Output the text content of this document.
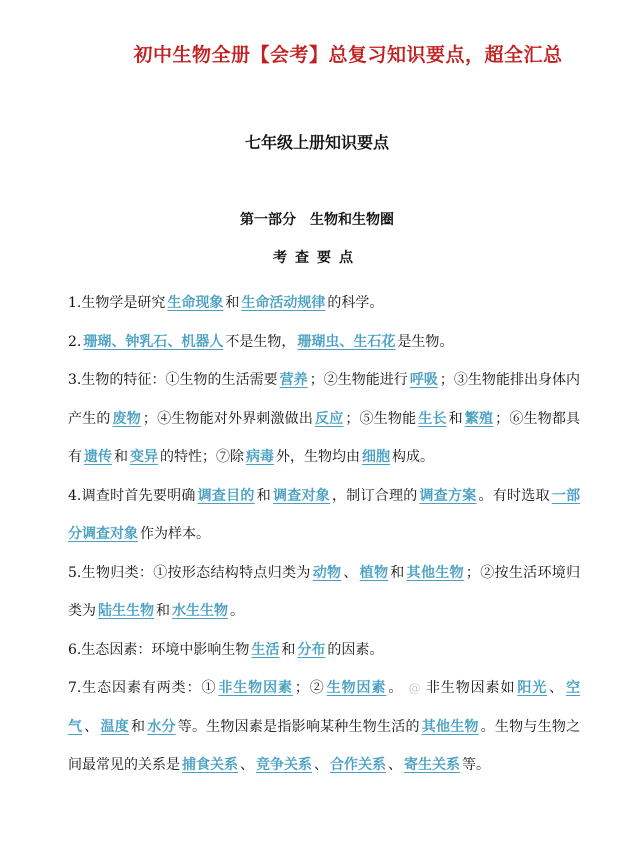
初中生物全册【会考】总复习知识要点，超全汇总
七年级上册知识要点
第一部分　生物和生物圈
考查要点

1.生物学是研究 生命现象 和 生命活动规律 的科学。

2. 珊瑚、钟乳石、机器人 不是生物， 珊瑚虫、生石花 是生物。

3.生物的特征：①生物的生活需要 营养 ；②生物能进行 呼吸 ；③生物能排出身体内产生的 废物 ；④生物能对外界刺激做出 反应 ；⑤生物能 生长 和 繁殖 ；⑥生物都具有 遗传 和 变异 的特性；⑦除 病毒 外，生物均由 细胞 构成。

4.调查时首先要明确 调查目的 和 调查对象 ，制订合理的 调查方案 。有时选取 一部分调查对象 作为样本。

5.生物归类：①按形态结构特点归类为 动物 、 植物 和 其他生物 ；②按生活环境归类为 陆生生物 和 水生生物 。

6.生态因素：环境中影响生物 生活 和 分布 的因素。

7.生态因素有两类：① 非生物因素 ；② 生物因素 。 @ 非生物因素如 阳光 、 空气 、 温度 和 水分 等。生物因素是指影响某种生物生活的 其他生物 。生物与生物之间最常见的关系是 捕食关系 、 竞争关系 、 合作关系 、 寄生关系 等。
